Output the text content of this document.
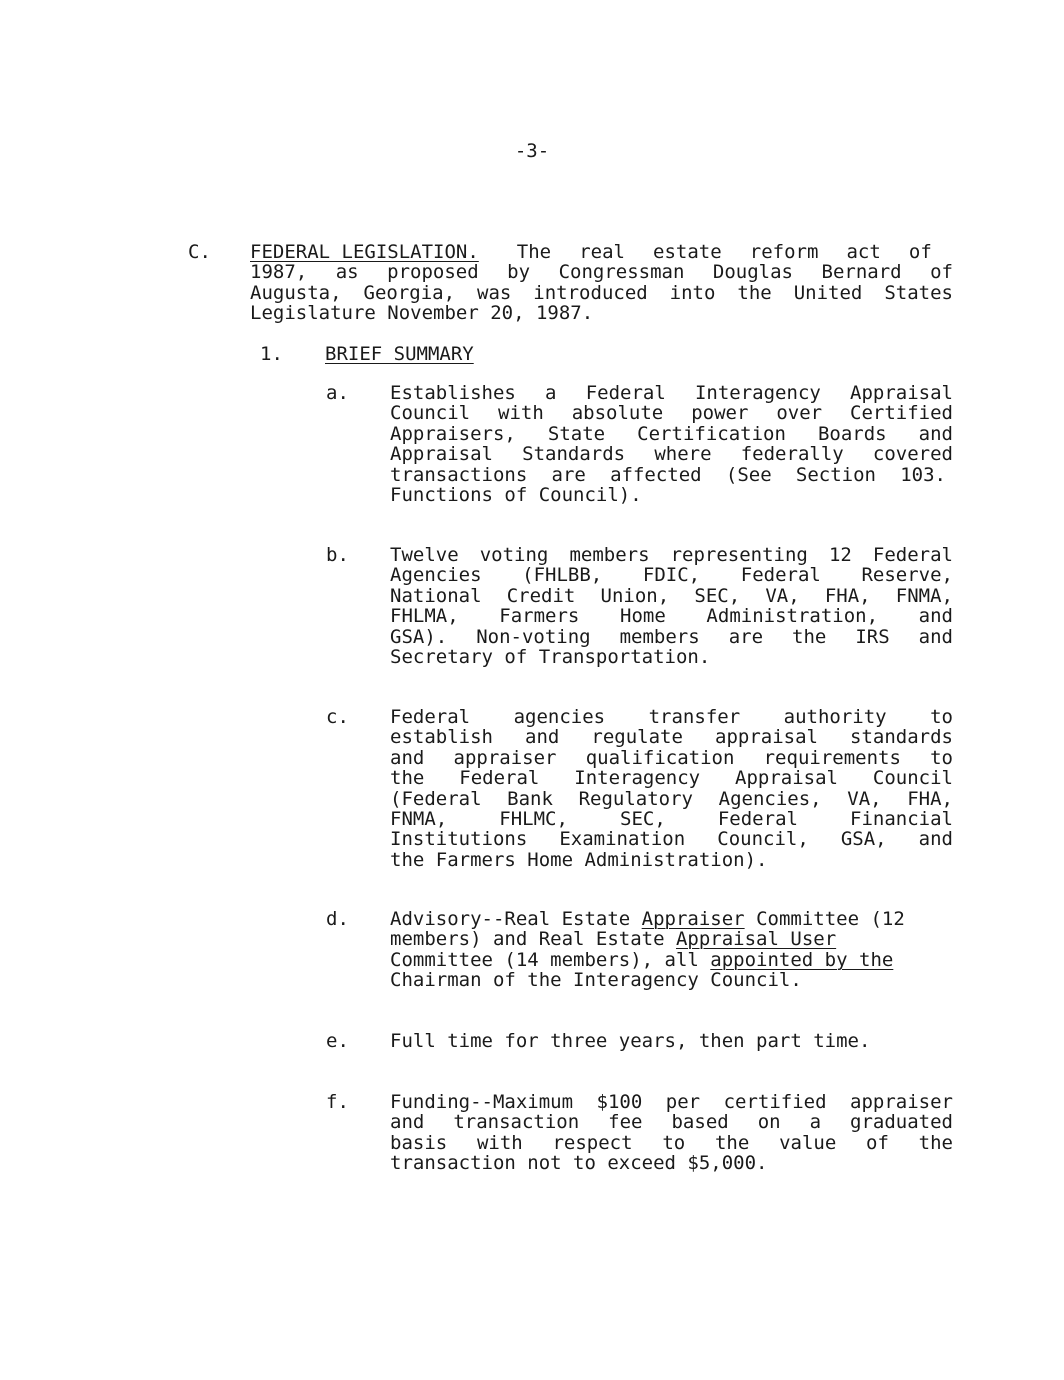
-3-
C. FEDERAL LEGISLATION. The real estate reform act of
1987, as proposed by Congressman Douglas Bernard of
Augusta, Georgia, was introduced into the United States
Legislature November 20, 1987.
1. BRIEF SUMMARY
a. Establishes a Federal Interagency Appraisal
Council with absolute power over Certified
Appraisers, State Certification Boards and
Appraisal Standards where federally covered
transactions are affected (See Section 103.
Functions of Council).
b. Twelve voting members representing 12 Federal
Agencies (FHLBB, FDIC, Federal Reserve,
National Credit Union, SEC, VA, FHA, FNMA,
FHLMA, Farmers Home Administration, and
GSA). Non-voting members are the IRS and
Secretary of Transportation.
c. Federal agencies transfer authority to
establish and regulate appraisal standards
and appraiser qualification requirements to
the Federal Interagency Appraisal Council
(Federal Bank Regulatory Agencies, VA, FHA,
FNMA, FHLMC, SEC, Federal Financial
Institutions Examination Council, GSA, and
the Farmers Home Administration).
d. Advisory--Real Estate Appraiser Committee (12
members) and Real Estate Appraisal User
Committee (14 members), all appointed by the
Chairman of the Interagency Council.
e. Full time for three years, then part time.
f. Funding--Maximum $100 per certified appraiser
and transaction fee based on a graduated
basis with respect to the value of the
transaction not to exceed $5,000.
